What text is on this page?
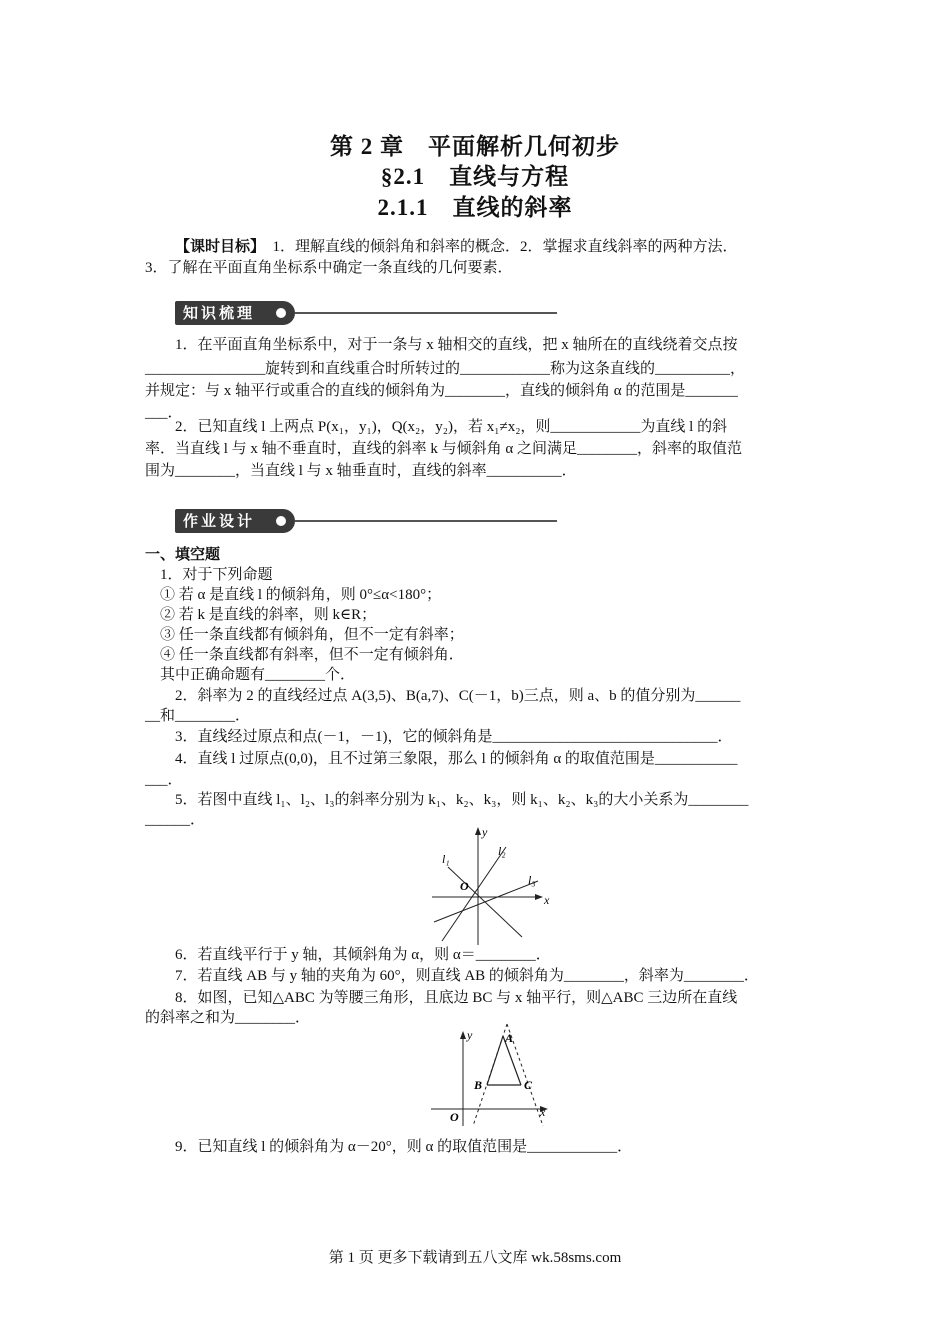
第 2 章　平面解析几何初步
§2.1　直线与方程
2.1.1　直线的斜率
【课时目标】　1．理解直线的倾斜角和斜率的概念．2．掌握求直线斜率的两种方法．
3．了解在平面直角坐标系中确定一条直线的几何要素．
知识梳理
1．在平面直角坐标系中，对于一条与 x 轴相交的直线，把 x 轴所在的直线绕着交点按
________________旋转到和直线重合时所转过的____________称为这条直线的__________，
并规定：与 x 轴平行或重合的直线的倾斜角为________，直线的倾斜角 α 的范围是_______
___．
2．已知直线 l 上两点 P(x₁，y₁)，Q(x₂，y₂)，若 x₁≠x₂，则____________为直线 l 的斜
率．当直线 l 与 x 轴不垂直时，直线的斜率 k 与倾斜角 α 之间满足________，斜率的取值范
围为________，当直线 l 与 x 轴垂直时，直线的斜率__________．
作业设计
一、填空题
1．对于下列命题
① 若 α 是直线 l 的倾斜角，则 0°≤α<180°；
② 若 k 是直线的斜率，则 k∈R；
③ 任一条直线都有倾斜角，但不一定有斜率；
④ 任一条直线都有斜率，但不一定有倾斜角．
其中正确命题有________个．
2．斜率为 2 的直线经过点 A(3,5)、B(a,7)、C(－1，b)三点，则 a、b 的值分别为______
__和________．
3．直线经过原点和点(－1，－1)，它的倾斜角是______________________________．
4．直线 l 过原点(0,0)，且不过第三象限，那么 l 的倾斜角 α 的取值范围是___________
___．
5．若图中直线 l₁、l₂、l₃的斜率分别为 k₁、k₂、k₃，则 k₁、k₂、k₃的大小关系为________
______．
y
x
O
l₁
l₂
l₃
6．若直线平行于 y 轴，其倾斜角为 α，则 α＝________．
7．若直线 AB 与 y 轴的夹角为 60°，则直线 AB 的倾斜角为________，斜率为________．
8．如图，已知△ABC 为等腰三角形，且底边 BC 与 x 轴平行，则△ABC 三边所在直线
的斜率之和为________．
y
x
O
A
B	C
9．已知直线 l 的倾斜角为 α－20°，则 α 的取值范围是____________．
第 1 页 更多下载请到五八文库 wk.58sms.com
